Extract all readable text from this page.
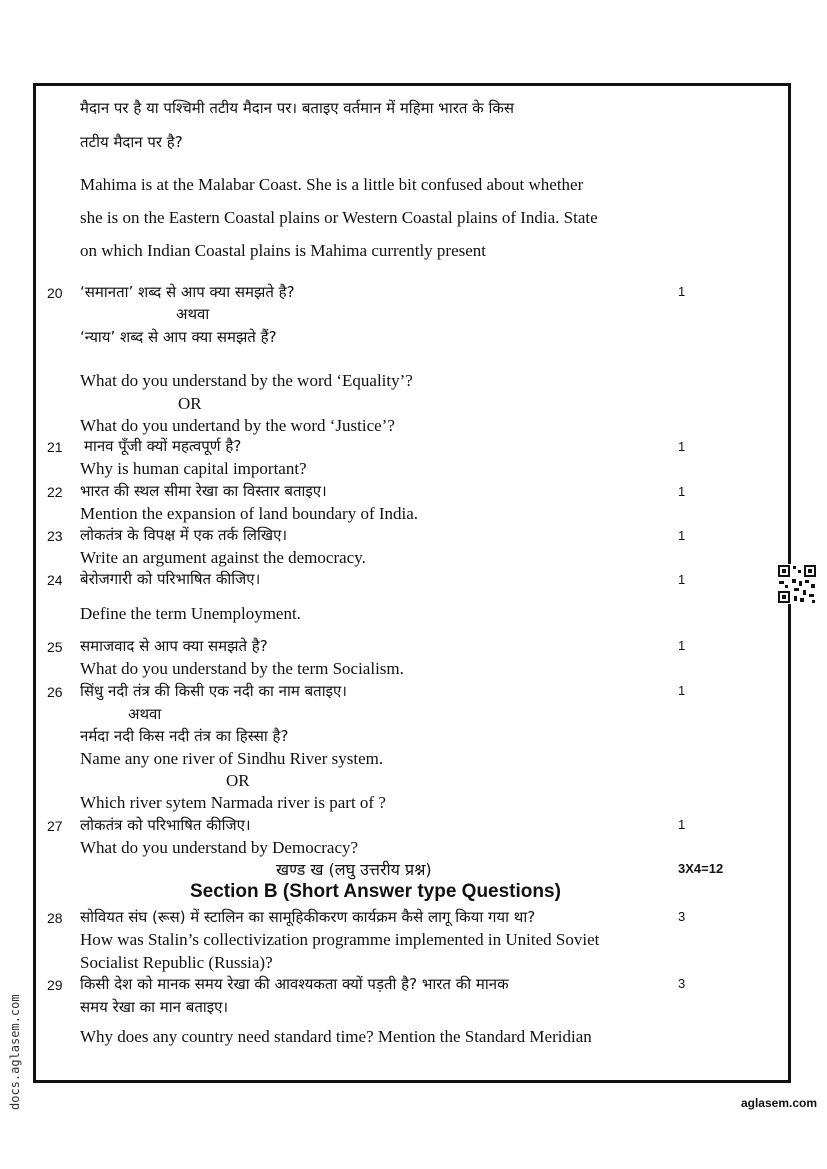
मैदान पर है या पश्चिमी तटीय मैदान पर। बताइए वर्तमान में महिमा भारत के किस
तटीय मैदान पर है?
Mahima is at the Malabar Coast. She is a little bit confused about whether
she is on the Eastern Coastal plains or Western Coastal plains of India. State
on which Indian Coastal plains is Mahima currently present
20	1
‘समानता’ शब्द से आप क्या समझते है?
अथवा
‘न्याय’ शब्द से आप क्या समझते हैं?
What do you understand by the word ‘Equality’?
OR
What do you undertand by the word ‘Justice’?
21	1
मानव पूँजी क्यों महत्वपूर्ण है?
Why is human capital important?
22	1
भारत की स्थल सीमा रेखा का विस्तार बताइए।
Mention the expansion of land boundary of India.
23	1
लोकतंत्र के विपक्ष में एक तर्क लिखिए।
Write an argument against the democracy.
24	1
बेरोजगारी को परिभाषित कीजिए।
Define the term Unemployment.
25	1
समाजवाद से आप क्या समझते है?
What do you understand by the term Socialism.
26	1
सिंधु नदी तंत्र की किसी एक नदी का नाम बताइए।
अथवा
नर्मदा नदी किस नदी तंत्र का हिस्सा है?
Name any one river of Sindhu River system.
OR
Which river sytem Narmada river is part of ?
27	1
लोकतंत्र को परिभाषित कीजिए।
What do you understand by Democracy?
खण्ड ख (लघु उत्तरीय प्रश्न)	3X4=12
Section B (Short Answer type Questions)
28	3
सोवियत संघ (रूस) में स्टालिन का सामूहिकीकरण कार्यक्रम कैसे लागू किया गया था?
How was Stalin’s collectivization programme implemented in United Soviet
Socialist Republic (Russia)?
29	3
किसी देश को मानक समय रेखा की आवश्यकता क्यों पड़ती है? भारत की मानक
समय रेखा का मान बताइए।
Why does any country need standard time? Mention the Standard Meridian
docs.aglasem.com	aglasem.com
